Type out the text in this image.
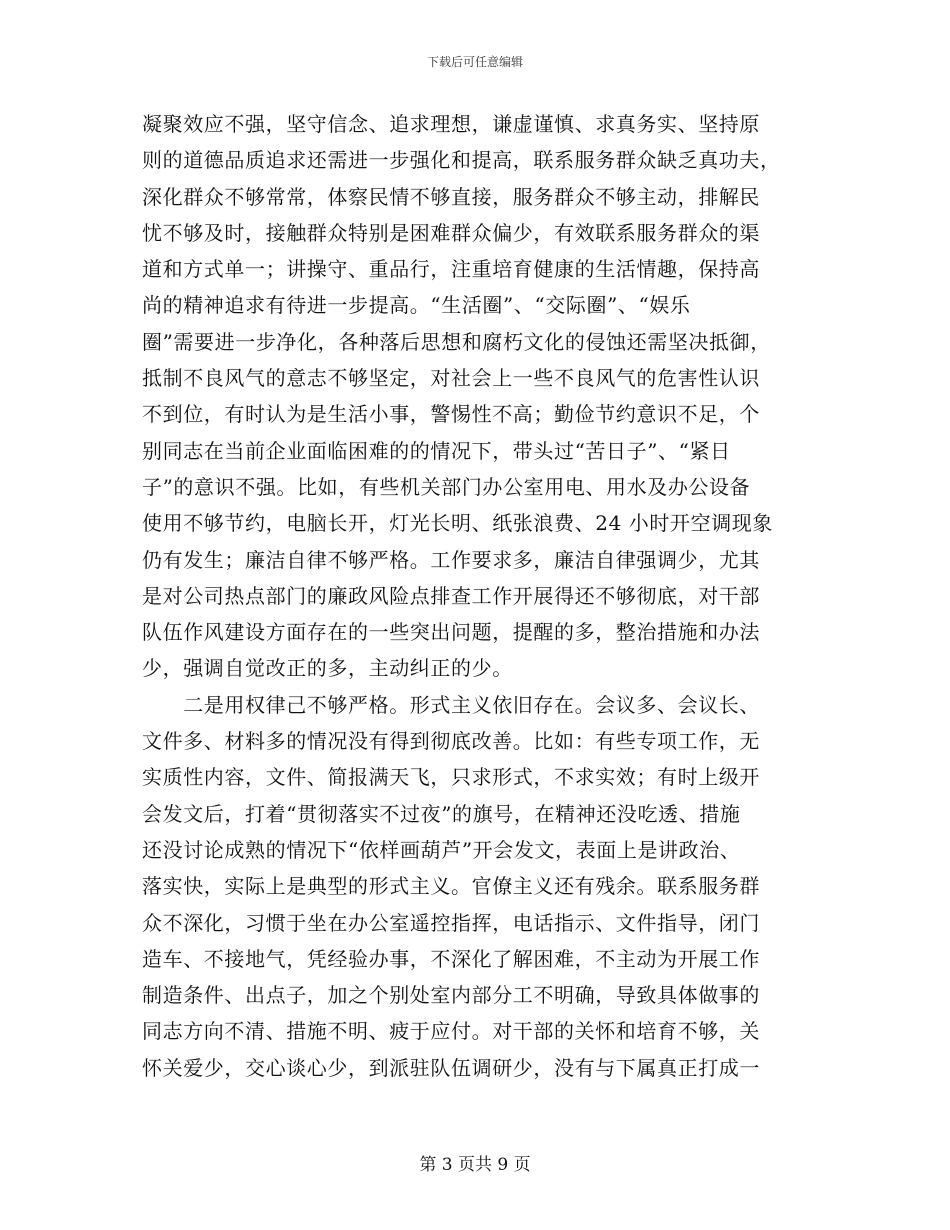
下载后可任意编辑
凝聚效应不强，坚守信念、追求理想，谦虚谨慎、求真务实、坚持原
则的道德品质追求还需进一步强化和提高，联系服务群众缺乏真功夫，
深化群众不够常常，体察民情不够直接，服务群众不够主动，排解民
忧不够及时，接触群众特别是困难群众偏少，有效联系服务群众的渠
道和方式单一；讲操守、重品行，注重培育健康的生活情趣，保持高
尚的精神追求有待进一步提高。“生活圈”、“交际圈”、“娱乐
圈”需要进一步净化，各种落后思想和腐朽文化的侵蚀还需坚决抵御，
抵制不良风气的意志不够坚定，对社会上一些不良风气的危害性认识
不到位，有时认为是生活小事，警惕性不高；勤俭节约意识不足，个
别同志在当前企业面临困难的的情况下，带头过“苦日子”、“紧日
子”的意识不强。比如，有些机关部门办公室用电、用水及办公设备
使用不够节约，电脑长开，灯光长明、纸张浪费、24 小时开空调现象
仍有发生；廉洁自律不够严格。工作要求多，廉洁自律强调少，尤其
是对公司热点部门的廉政风险点排查工作开展得还不够彻底，对干部
队伍作风建设方面存在的一些突出问题，提醒的多，整治措施和办法
少，强调自觉改正的多，主动纠正的少。
　　二是用权律己不够严格。形式主义依旧存在。会议多、会议长、
文件多、材料多的情况没有得到彻底改善。比如：有些专项工作，无
实质性内容，文件、简报满天飞，只求形式，不求实效；有时上级开
会发文后，打着“贯彻落实不过夜”的旗号，在精神还没吃透、措施
还没讨论成熟的情况下“依样画葫芦”开会发文，表面上是讲政治、
落实快，实际上是典型的形式主义。官僚主义还有残余。联系服务群
众不深化，习惯于坐在办公室遥控指挥，电话指示、文件指导，闭门
造车、不接地气，凭经验办事，不深化了解困难，不主动为开展工作
制造条件、出点子，加之个别处室内部分工不明确，导致具体做事的
同志方向不清、措施不明、疲于应付。对干部的关怀和培育不够，关
怀关爱少，交心谈心少，到派驻队伍调研少，没有与下属真正打成一
第 3 页共 9 页
